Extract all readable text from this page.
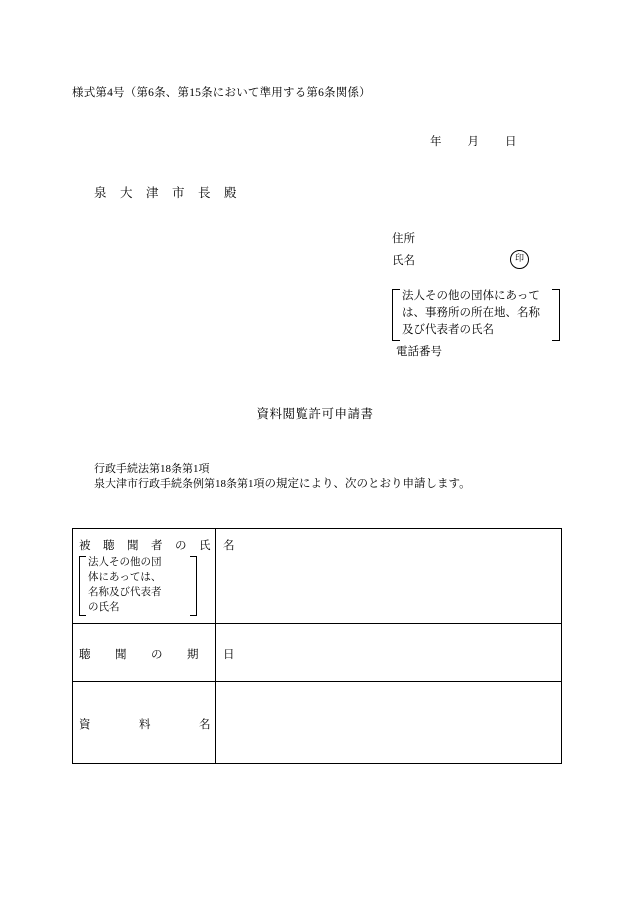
様式第4号（第6条、第15条において準用する第6条関係）
年 月 日
泉　大　津　市　長　殿
住所
氏名	印
法人その他の団体にあって
は、事務所の所在地、名称
及び代表者の氏名
電話番号
資料閲覧許可申請書
行政手続法第18条第1項
泉大津市行政手続条例第18条第1項 の規定により、次のとおり申請します。
被　聴　聞　者　の　氏　名
法人その他の団
体にあっては、
名称及び代表者
の氏名	

聴　　聞　　の　　期　　日	

資　　　　料　　　　名	
